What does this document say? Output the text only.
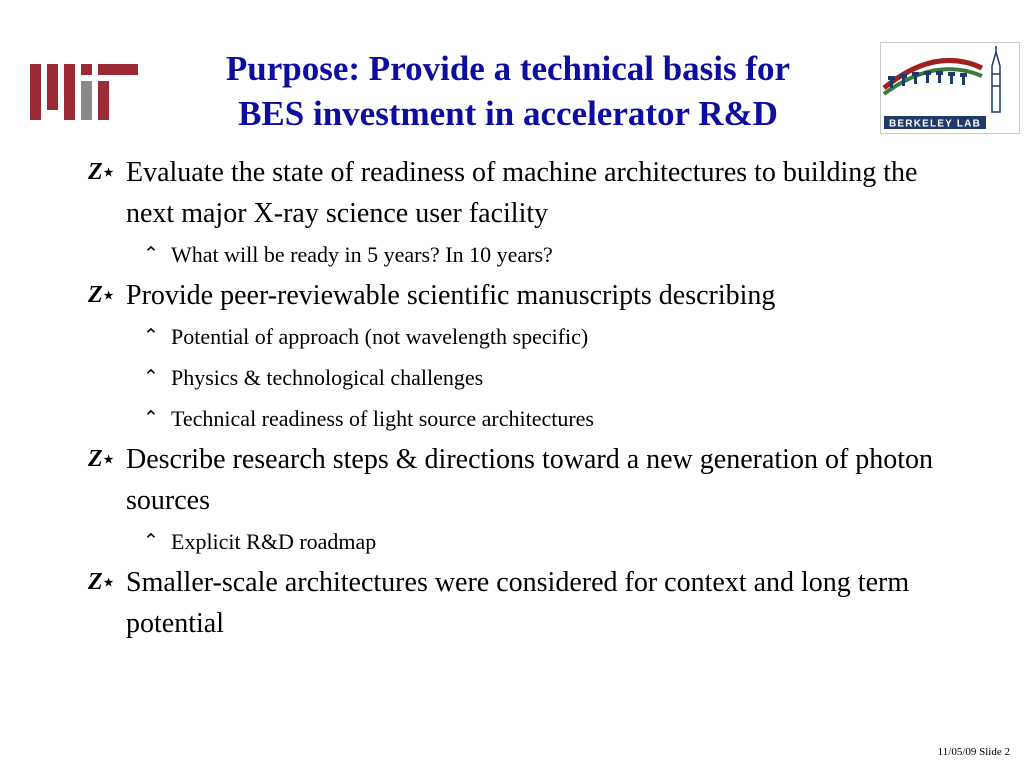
Purpose: Provide a technical basis for
BES investment in accelerator R&D	BERKELEY LAB
Z★ Evaluate the state of readiness of machine architectures to building the next major X-ray science user facility
⌃ What will be ready in 5 years? In 10 years?
Z★ Provide peer-reviewable scientific manuscripts describing
⌃ Potential of approach (not wavelength specific)
⌃ Physics & technological challenges
⌃ Technical readiness of light source architectures
Z★ Describe research steps & directions toward a new generation of photon sources
⌃ Explicit R&D roadmap
Z★ Smaller-scale architectures were considered for context and long term potential
11/05/09 Slide 2
